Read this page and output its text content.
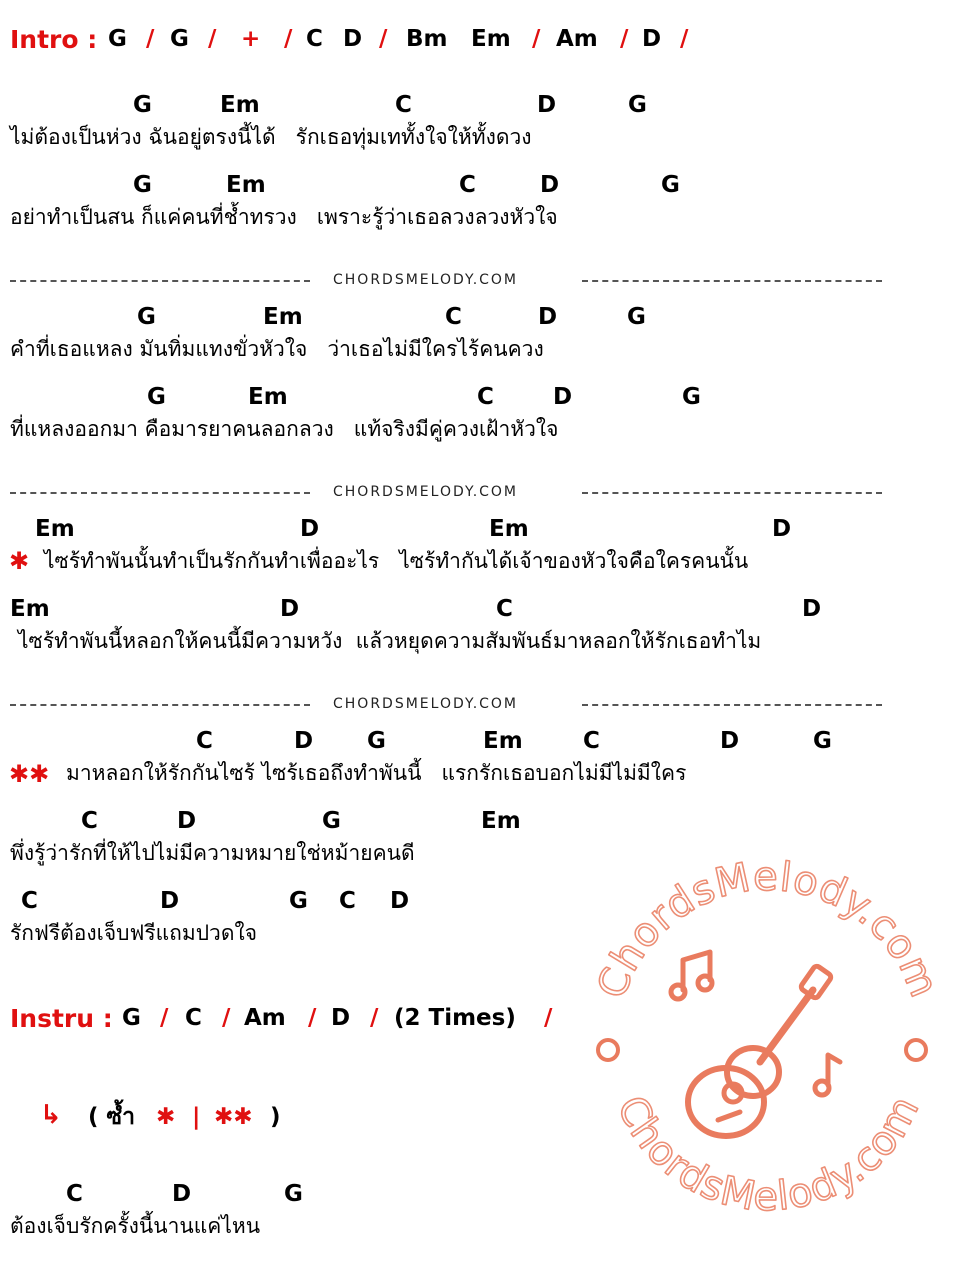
Intro : G / G / + / C D / Bm Em / Am / D /
G	Em	C	D	G
ไม่ต้องเป็นห่วง ฉันอยู่ตรงนี้ได้   รักเธอทุ่มเททั้งใจให้ทั้งดวง
G	Em	C	D	G
อย่าทำเป็นสน ก็แค่คนที่ช้ำทรวง   เพราะรู้ว่าเธอลวงลวงหัวใจ
CHORDSMELODY.COM
G	Em	C	D	G
คำที่เธอแหลง มันทิ่มแทงขั่วหัวใจ   ว่าเธอไม่มีใครไร้คนควง
G	Em	C	D	G
ที่แหลงออกมา คือมารยาคนลอกลวง   แท้จริงมีคู่ควงเฝ้าหัวใจ
CHORDSMELODY.COM
Em	D	Em	D
✱ ไซร้ทำพันนั้นทำเป็นรักกันทำเพื่ออะไร   ไซร้ทำกันได้เจ้าของหัวใจคือใครคนนั้น
Em	D	C	D
ไซร้ทำพันนี้หลอกให้คนนี้มีความหวัง  แล้วหยุดความสัมพันธ์มาหลอกให้รักเธอทำไม
CHORDSMELODY.COM
C	D G	Em	C	D	G
✱✱ มาหลอกให้รักกันไซร้ ไซร้เธอถึงทำพันนี้   แรกรักเธอบอกไม่มีไม่มีใคร
C	D	G	Em
พึ่งรู้ว่ารักที่ให้ไปไม่มีความหมายใช่หม้ายคนดี
C	D	G C D
รักฟรีต้องเจ็บฟรีแถมปวดใจ
Instru : G / C / Am / D / (2 Times) /
↳ ( ซ้ำ ✱ | ✱✱ )
C	D	G
ต้องเจ็บรักครั้งนี้นานแค่ไหน
ChordsMelody.com
ChordsMelody.com
